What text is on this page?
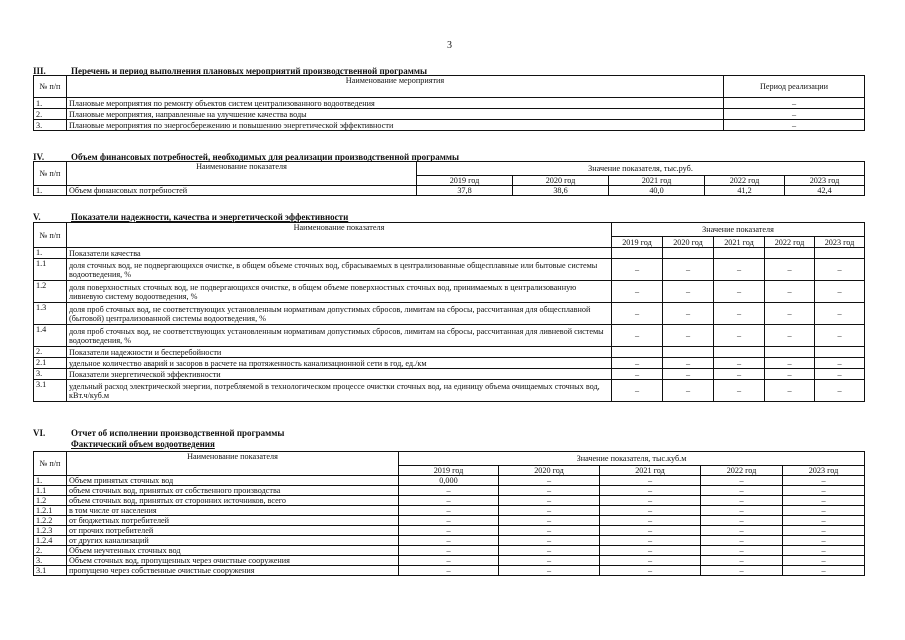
3
III.	Перечень и период выполнения плановых мероприятий производственной программы
№ п/п	Наименование мероприятия	Период реализации
1.	Плановые мероприятия по ремонту объектов систем централизованного водоотведения	–
2.	Плановые мероприятия, направленные на улучшение качества воды	–
3.	Плановые мероприятия по энергосбережению и повышению энергетической эффективности	–
IV.	Объем финансовых потребностей, необходимых для реализации производственной программы
№ п/п	Наименование показателя	Значение показателя, тыс.руб.				
		2019 год	2020 год	2021 год	2022 год	2023 год
1.	Объем финансовых потребностей	37,8	38,6	40,0	41,2	42,4
V.	Показатели надежности, качества и энергетической эффективности
№ п/п	Наименование показателя	Значение показателя				
		2019 год	2020 год	2021 год	2022 год	2023 год
1.	Показатели качества					
1.1	доля сточных вод, не подвергающихся очистке, в общем объеме сточных вод, сбрасываемых в централизованные общесплавные или бытовые системы водоотведения, %	–	–	–	–	–
1.2	доля поверхностных сточных вод, не подвергающихся очистке, в общем объеме поверхностных сточных вод, принимаемых в централизованную ливневую систему водоотведения, %	–	–	–	–	–
1.3	доля проб сточных вод, не соответствующих установленным нормативам допустимых сбросов, лимитам на сбросы, рассчитанная для общесплавной (бытовой) централизованной системы водоотведения, %	–	–	–	–	–
1.4	доля проб сточных вод, не соответствующих установленным нормативам допустимых сбросов, лимитам на сбросы, рассчитанная для ливневой системы водоотведения, %	–	–	–	–	–
2.	Показатели надежности и бесперебойности					
2.1	удельное количество аварий и засоров в расчете на протяженность канализационной сети в год, ед./км	–	–	–	–	–
3.	Показатели энергетической эффективности	–	–	–	–	–
3.1	удельный расход электрической энергии, потребляемой в технологическом процессе очистки сточных вод, на единицу объема очищаемых сточных вод, кВт.ч/куб.м	–	–	–	–	–
VI.	Отчет об исполнении производственной программы
Фактический объем водоотведения
№ п/п	Наименование показателя	Значение показателя, тыс.куб.м				
		2019 год	2020 год	2021 год	2022 год	2023 год
1.	Объем принятых сточных вод	0,000	–	–	–	–
1.1	объем сточных вод, принятых от собственного производства	–	–	–	–	–
1.2	объем сточных вод, принятых от сторонних источников, всего	–	–	–	–	–
1.2.1	в том числе от населения	–	–	–	–	–
1.2.2	от бюджетных потребителей	–	–	–	–	–
1.2.3	от прочих потребителей	–	–	–	–	–
1.2.4	от других канализаций	–	–	–	–	–
2.	Объем неучтенных сточных вод	–	–	–	–	–
3.	Объем сточных вод, пропущенных через очистные сооружения	–	–	–	–	–
3.1	пропущено через собственные очистные сооружения	–	–	–	–	–
